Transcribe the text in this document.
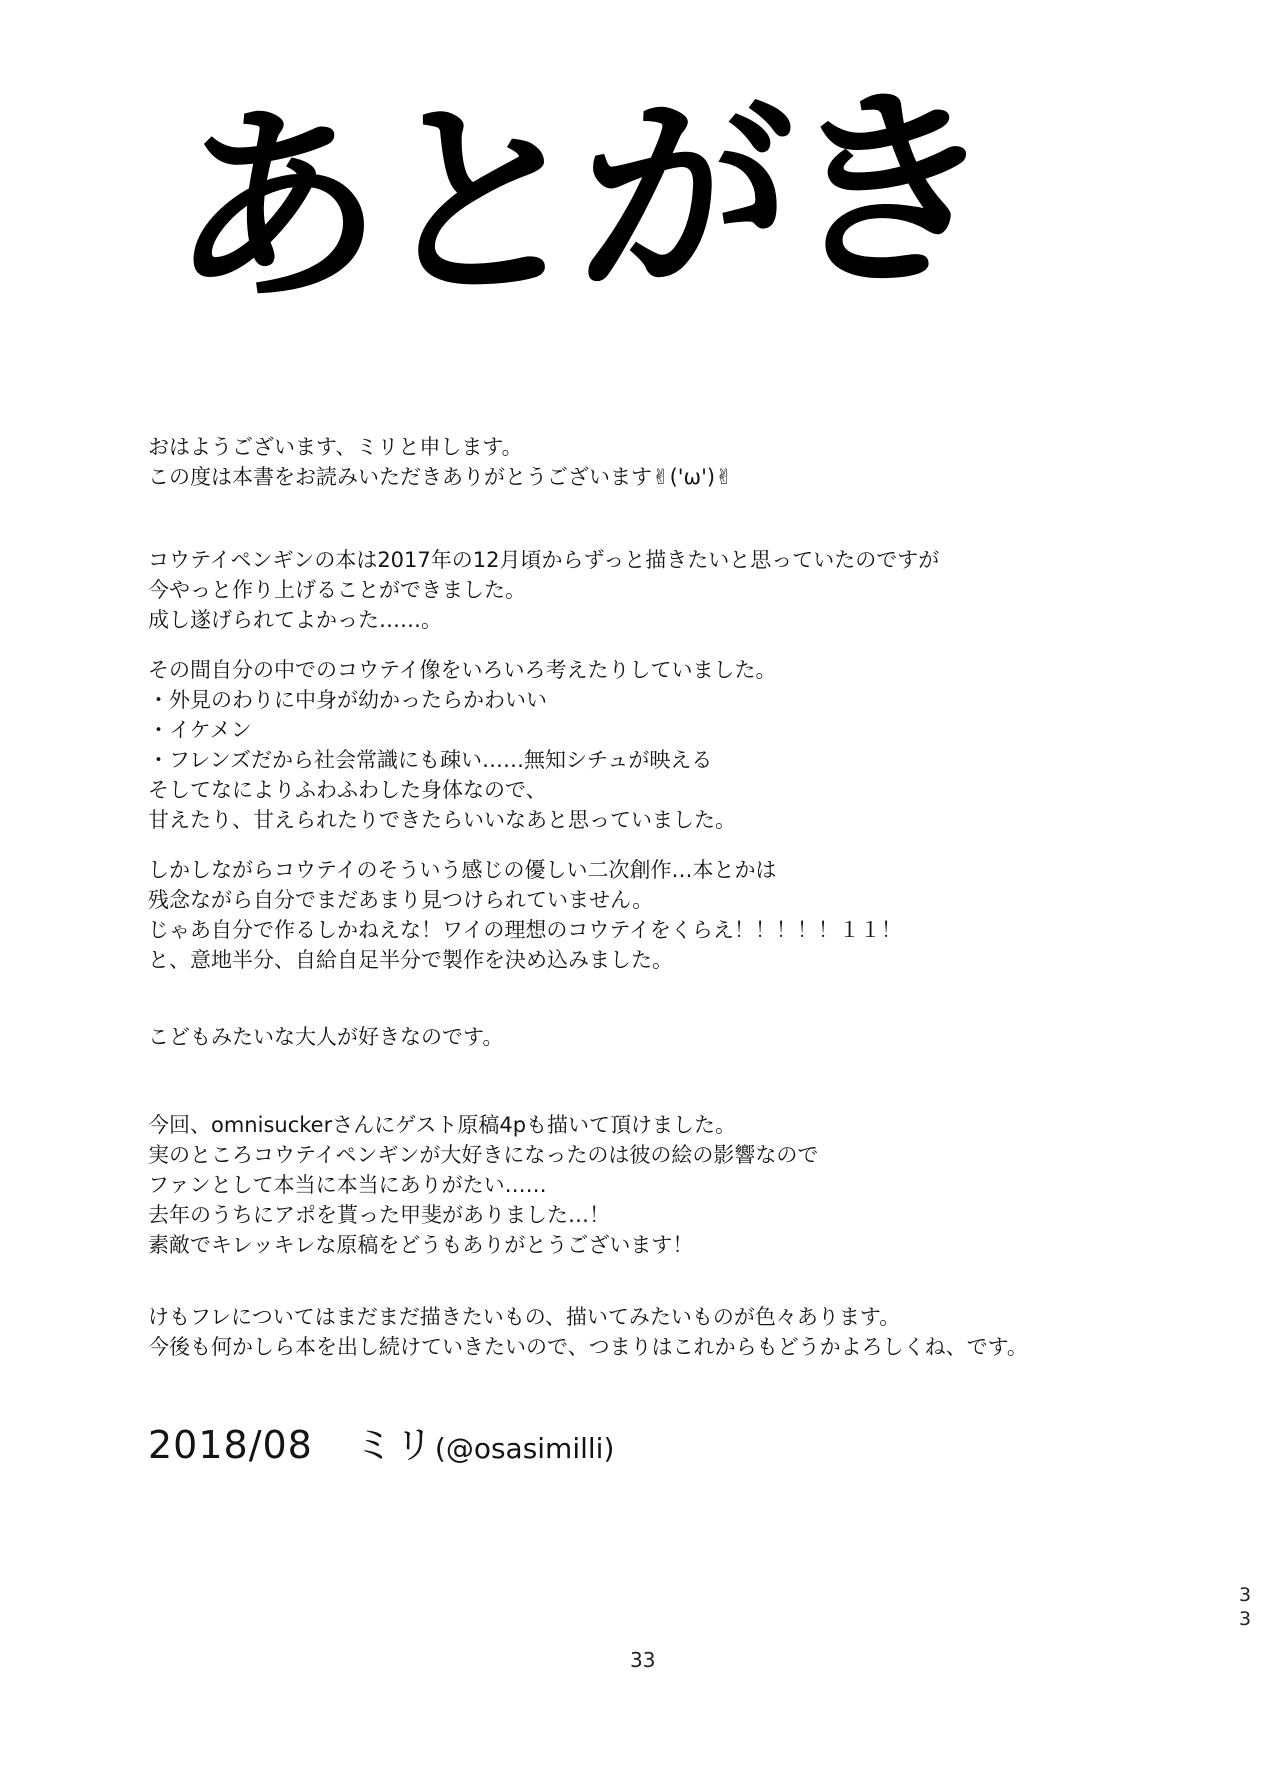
あとがき
おはようございます、ミリと申します。
この度は本書をお読みいただきありがとうございます✌('ω')✌
コウテイペンギンの本は2017年の12月頃からずっと描きたいと思っていたのですが
今やっと作り上げることができました。
成し遂げられてよかった……。
その間自分の中でのコウテイ像をいろいろ考えたりしていました。
・外見のわりに中身が幼かったらかわいい
・イケメン
・フレンズだから社会常識にも疎い……無知シチュが映える
そしてなによりふわふわした身体なので、
甘えたり、甘えられたりできたらいいなあと思っていました。
しかしながらコウテイのそういう感じの優しい二次創作…本とかは
残念ながら自分でまだあまり見つけられていません。
じゃあ自分で作るしかねえな！ワイの理想のコウテイをくらえ！！！！！１１！
と、意地半分、自給自足半分で製作を決め込みました。
こどもみたいな大人が好きなのです。
今回、omnisuckerさんにゲスト原稿4pも描いて頂けました。
実のところコウテイペンギンが大好きになったのは彼の絵の影響なので
ファンとして本当に本当にありがたい……
去年のうちにアポを貰った甲斐がありました…！
素敵でキレッキレな原稿をどうもありがとうございます！
けもフレについてはまだまだ描きたいもの、描いてみたいものが色々あります。
今後も何かしら本を出し続けていきたいので、つまりはこれからもどうかよろしくね、です。
2018/08 ミリ(@osasimilli)
33
33
